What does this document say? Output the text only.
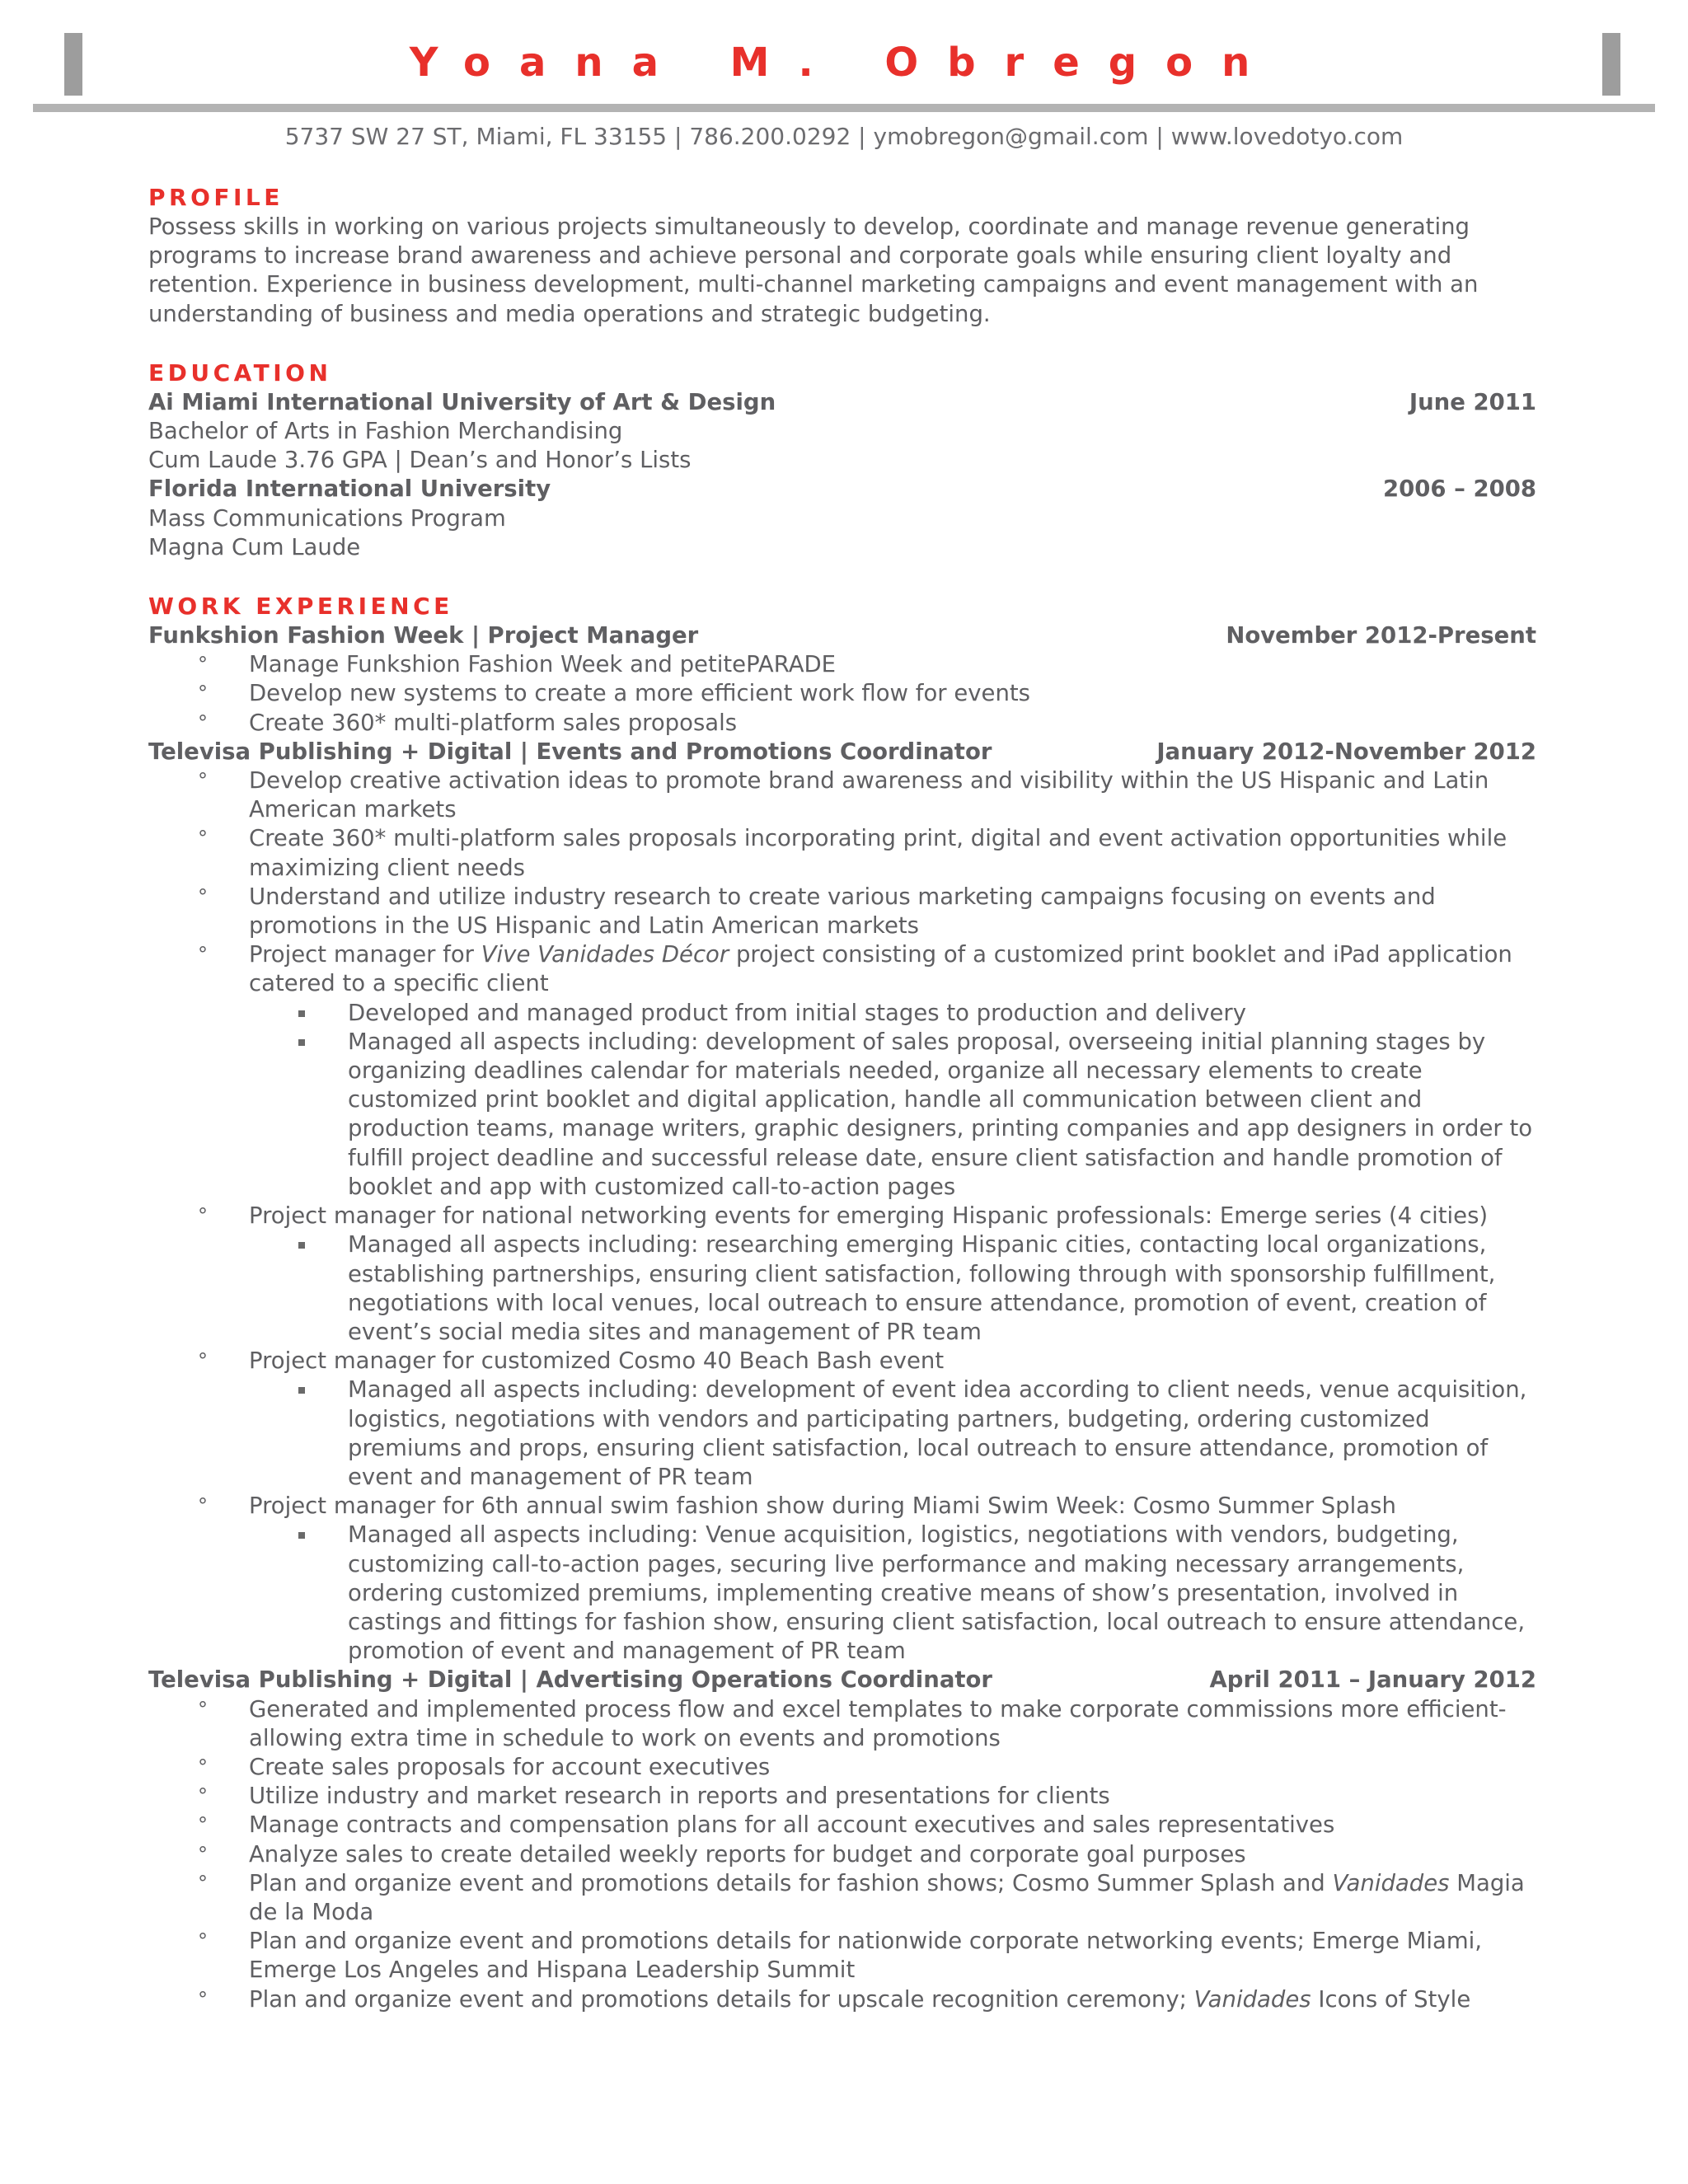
Yoana M. Obregon

5737 SW 27 ST, Miami, FL 33155 | 786.200.0292 | ymobregon@gmail.com | www.lovedotyo.com

PROFILE

Possess skills in working on various projects simultaneously to develop, coordinate and manage revenue generating programs to increase brand awareness and achieve personal and corporate goals while ensuring client loyalty and retention. Experience in business development, multi-channel marketing campaigns and event management with an understanding of business and media operations and strategic budgeting.

EDUCATION
Ai Miami International University of Art & Design	June 2011

Bachelor of Arts in Fashion Merchandising

Cum Laude 3.76 GPA | Dean’s and Honor’s Lists

Florida International University	2006 – 2008

Mass Communications Program

Magna Cum Laude

WORK EXPERIENCE
Funkshion Fashion Week | Project Manager	November 2012-Present
° Manage Funkshion Fashion Week and petitePARADE
° Develop new systems to create a more efficient work flow for events
° Create 360* multi-platform sales proposals
Televisa Publishing + Digital | Events and Promotions Coordinator	January 2012-November 2012
° Develop creative activation ideas to promote brand awareness and visibility within the US Hispanic and Latin American markets
° Create 360* multi-platform sales proposals incorporating print, digital and event activation opportunities while maximizing client needs
° Understand and utilize industry research to create various marketing campaigns focusing on events and promotions in the US Hispanic and Latin American markets
° Project manager for Vive Vanidades Décor project consisting of a customized print booklet and iPad application catered to a specific client
Developed and managed product from initial stages to production and delivery
Managed all aspects including: development of sales proposal, overseeing initial planning stages by organizing deadlines calendar for materials needed, organize all necessary elements to create customized print booklet and digital application, handle all communication between client and production teams, manage writers, graphic designers, printing companies and app designers in order to fulfill project deadline and successful release date, ensure client satisfaction and handle promotion of booklet and app with customized call-to-action pages
° Project manager for national networking events for emerging Hispanic professionals: Emerge series (4 cities)
Managed all aspects including: researching emerging Hispanic cities, contacting local organizations, establishing partnerships, ensuring client satisfaction, following through with sponsorship fulfillment, negotiations with local venues, local outreach to ensure attendance, promotion of event, creation of event’s social media sites and management of PR team
° Project manager for customized Cosmo 40 Beach Bash event
Managed all aspects including: development of event idea according to client needs, venue acquisition, logistics, negotiations with vendors and participating partners, budgeting, ordering customized premiums and props, ensuring client satisfaction, local outreach to ensure attendance, promotion of event and management of PR team
° Project manager for 6th annual swim fashion show during Miami Swim Week: Cosmo Summer Splash
Managed all aspects including: Venue acquisition, logistics, negotiations with vendors, budgeting, customizing call-to-action pages, securing live performance and making necessary arrangements, ordering customized premiums, implementing creative means of show’s presentation, involved in castings and fittings for fashion show, ensuring client satisfaction, local outreach to ensure attendance, promotion of event and management of PR team
Televisa Publishing + Digital | Advertising Operations Coordinator	April 2011 – January 2012
° Generated and implemented process flow and excel templates to make corporate commissions more efficient- allowing extra time in schedule to work on events and promotions
° Create sales proposals for account executives
° Utilize industry and market research in reports and presentations for clients
° Manage contracts and compensation plans for all account executives and sales representatives
° Analyze sales to create detailed weekly reports for budget and corporate goal purposes
° Plan and organize event and promotions details for fashion shows; Cosmo Summer Splash and Vanidades Magia de la Moda
° Plan and organize event and promotions details for nationwide corporate networking events; Emerge Miami, Emerge Los Angeles and Hispana Leadership Summit
° Plan and organize event and promotions details for upscale recognition ceremony; Vanidades Icons of Style
